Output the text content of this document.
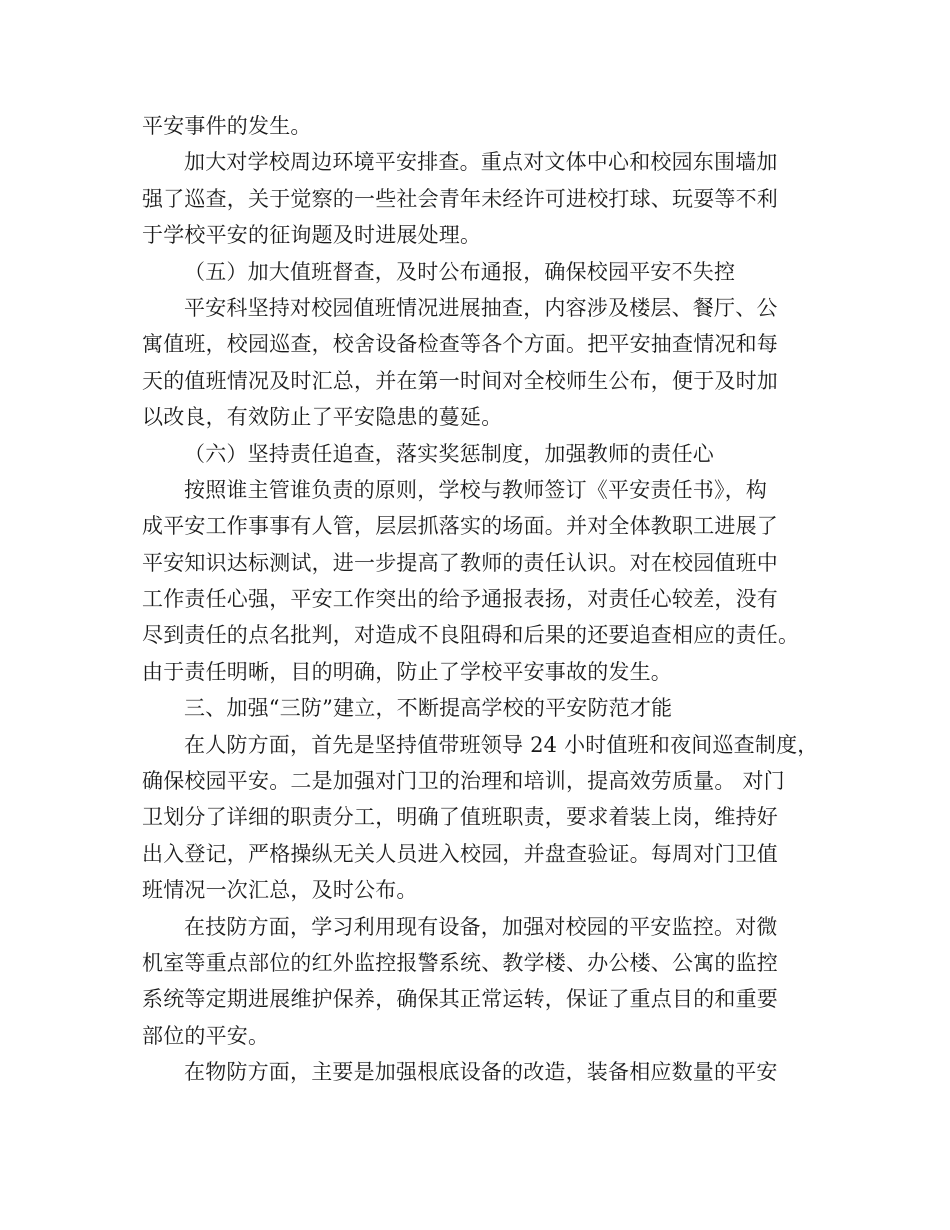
平安事件的发生。
加大对学校周边环境平安排查。重点对文体中心和校园东围墙加
强了巡查，关于觉察的一些社会青年未经许可进校打球、玩耍等不利
于学校平安的征询题及时进展处理。
（五）加大值班督查，及时公布通报，确保校园平安不失控
平安科坚持对校园值班情况进展抽查，内容涉及楼层、餐厅、公
寓值班，校园巡查，校舍设备检查等各个方面。把平安抽查情况和每
天的值班情况及时汇总，并在第一时间对全校师生公布，便于及时加
以改良，有效防止了平安隐患的蔓延。
（六）坚持责任追查，落实奖惩制度，加强教师的责任心
按照谁主管谁负责的原则，学校与教师签订《平安责任书》，构
成平安工作事事有人管，层层抓落实的场面。并对全体教职工进展了
平安知识达标测试，进一步提高了教师的责任认识。对在校园值班中
工作责任心强，平安工作突出的给予通报表扬，对责任心较差，没有
尽到责任的点名批判，对造成不良阻碍和后果的还要追查相应的责任。
由于责任明晰，目的明确，防止了学校平安事故的发生。
三、加强“三防”建立，不断提高学校的平安防范才能
在人防方面，首先是坚持值带班领导 24 小时值班和夜间巡查制度，
确保校园平安。二是加强对门卫的治理和培训，提高效劳质量。 对门
卫划分了详细的职责分工，明确了值班职责，要求着装上岗，维持好
出入登记，严格操纵无关人员进入校园，并盘查验证。每周对门卫值
班情况一次汇总，及时公布。
在技防方面，学习利用现有设备，加强对校园的平安监控。对微
机室等重点部位的红外监控报警系统、教学楼、办公楼、公寓的监控
系统等定期进展维护保养，确保其正常运转，保证了重点目的和重要
部位的平安。
在物防方面，主要是加强根底设备的改造，装备相应数量的平安
